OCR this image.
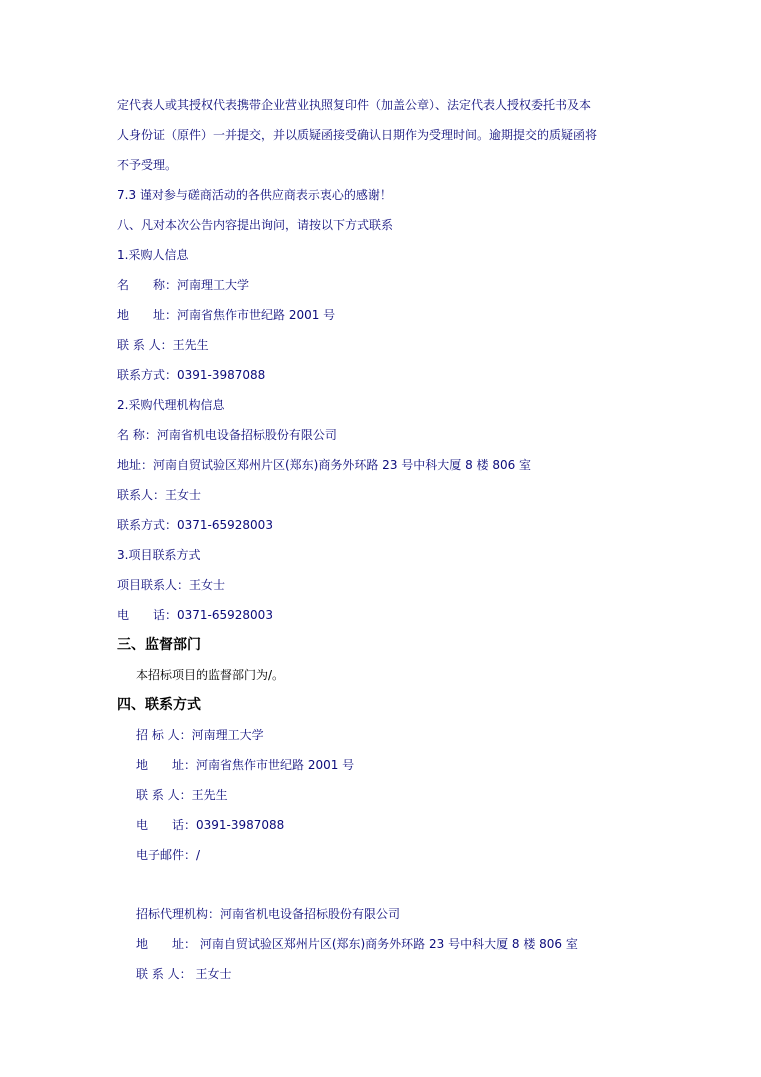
定代表人或其授权代表携带企业营业执照复印件（加盖公章）、法定代表人授权委托书及本
人身份证（原件）一并提交，并以质疑函接受确认日期作为受理时间。逾期提交的质疑函将
不予受理。
7.3 谨对参与磋商活动的各供应商表示衷心的感谢！
八、凡对本次公告内容提出询问，请按以下方式联系
1.采购人信息
名　　称：河南理工大学
地　　址：河南省焦作市世纪路 2001 号
联 系 人：王先生
联系方式：0391-3987088
2.采购代理机构信息
名 称：河南省机电设备招标股份有限公司
地址：河南自贸试验区郑州片区(郑东)商务外环路 23 号中科大厦 8 楼 806 室
联系人：王女士
联系方式：0371-65928003
3.项目联系方式
项目联系人：王女士
电　　话：0371-65928003
三、监督部门
本招标项目的监督部门为/。
四、联系方式
招 标 人：河南理工大学
地　　址：河南省焦作市世纪路 2001 号
联 系 人：王先生
电　　话：0391-3987088
电子邮件：/
招标代理机构：河南省机电设备招标股份有限公司
地　　址： 河南自贸试验区郑州片区(郑东)商务外环路 23 号中科大厦 8 楼 806 室
联 系 人： 王女士
